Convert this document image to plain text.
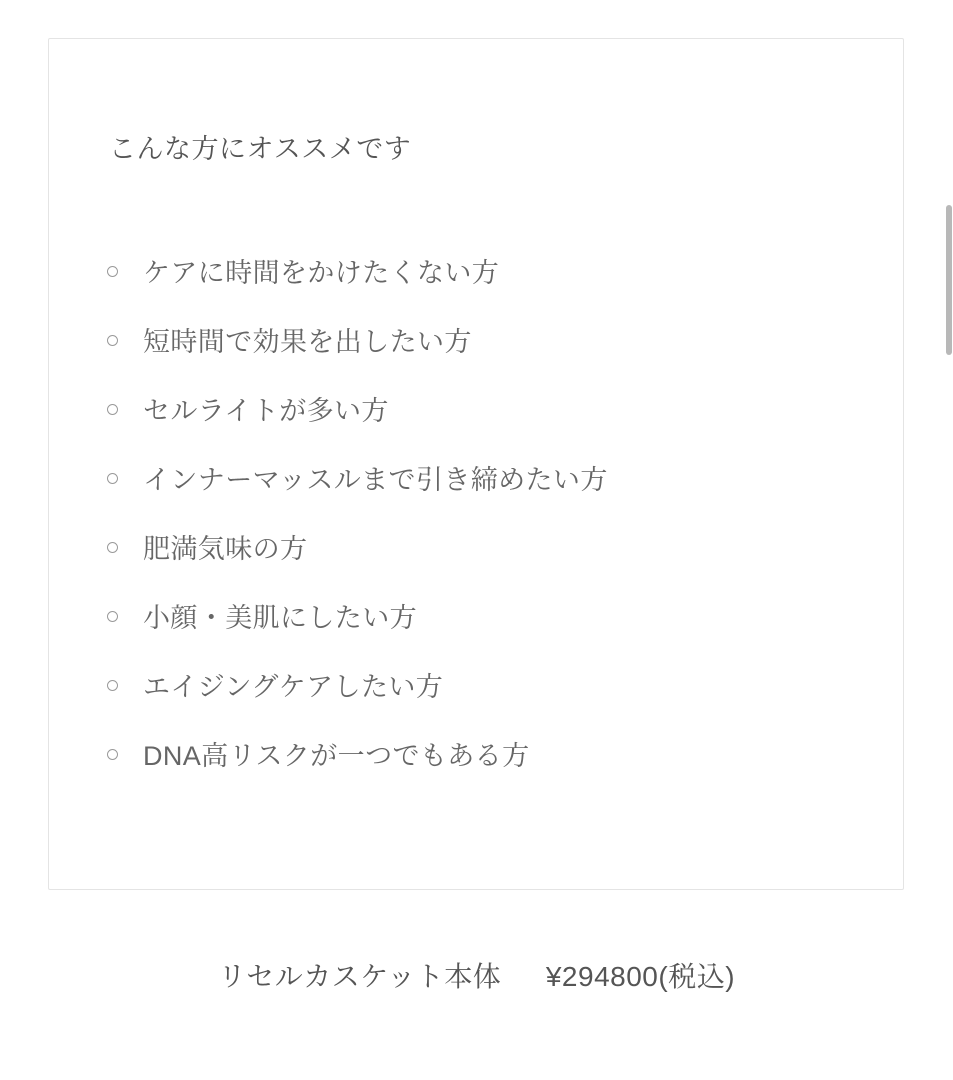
こんな方にオススメです
ケアに時間をかけたくない方
短時間で効果を出したい方
セルライトが多い方
インナーマッスルまで引き締めたい方
肥満気味の方
小顔・美肌にしたい方
エイジングケアしたい方
DNA高リスクが一つでもある方
リセルカスケット本体 ¥294800(税込)
